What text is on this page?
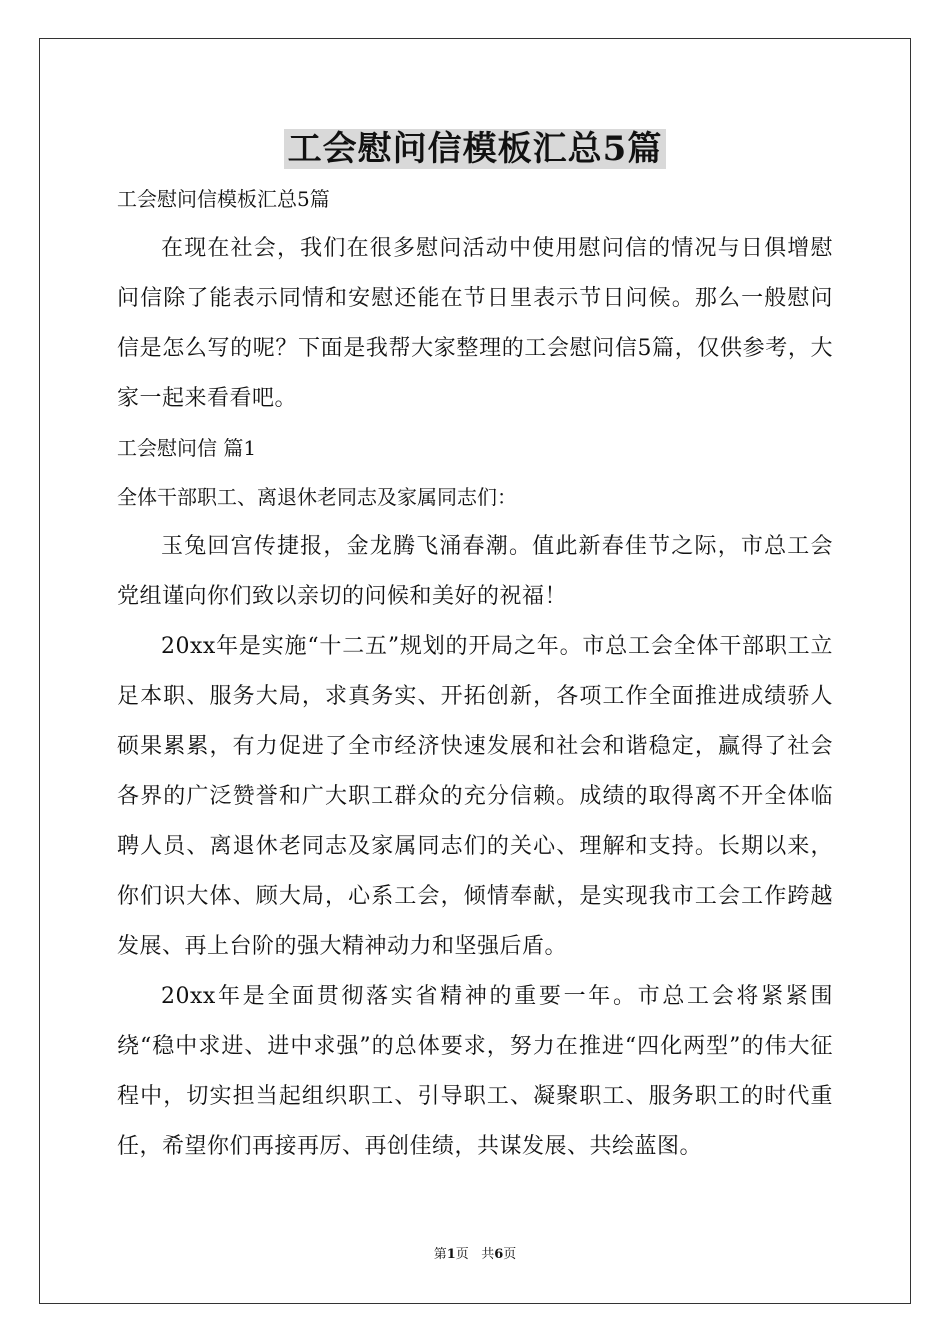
工会慰问信模板汇总5篇

工会慰问信模板汇总5篇

在现在社会，我们在很多慰问活动中使用慰问信的情况与日俱增慰问信除了能表示同情和安慰还能在节日里表示节日问候。那么一般慰问信是怎么写的呢？下面是我帮大家整理的工会慰问信5篇，仅供参考，大家一起来看看吧。

工会慰问信 篇1

全体干部职工、离退休老同志及家属同志们：

玉兔回宫传捷报，金龙腾飞涌春潮。值此新春佳节之际，市总工会党组谨向你们致以亲切的问候和美好的祝福！

20xx年是实施“十二五”规划的开局之年。市总工会全体干部职工立足本职、服务大局，求真务实、开拓创新，各项工作全面推进成绩骄人硕果累累，有力促进了全市经济快速发展和社会和谐稳定，赢得了社会各界的广泛赞誉和广大职工群众的充分信赖。成绩的取得离不开全体临聘人员、离退休老同志及家属同志们的关心、理解和支持。长期以来，你们识大体、顾大局，心系工会，倾情奉献，是实现我市工会工作跨越发展、再上台阶的强大精神动力和坚强后盾。

20xx年是全面贯彻落实省精神的重要一年。市总工会将紧紧围绕“稳中求进、进中求强”的总体要求，努力在推进“四化两型”的伟大征程中，切实担当起组织职工、引导职工、凝聚职工、服务职工的时代重任，希望你们再接再厉、再创佳绩，共谋发展、共绘蓝图。

第1页 共6页
